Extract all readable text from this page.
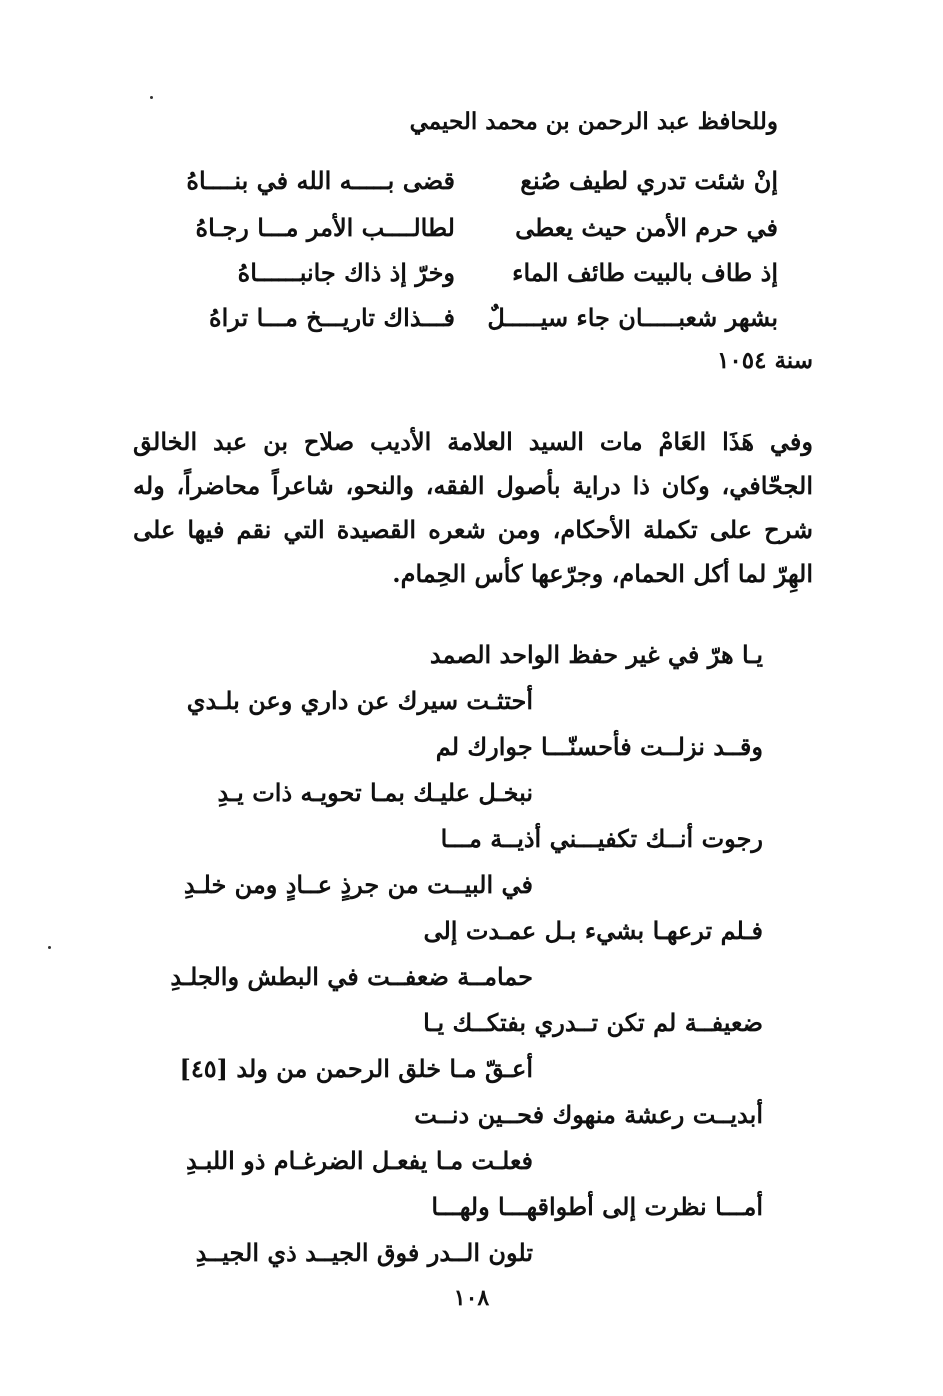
وللحافظ عبد الرحمن بن محمد الحيمي
إنْ شئت تدري لطيف صُنع
قضى بـــــه الله في بنــــاهُ
في حرم الأمن حيث يعطى
لطالــــب الأمر مـــا رجـاهُ
إذ طاف بالبيت طائف الماء
وخرّ إذ ذاك جانبــــــاهُ
بشهر شعبـــــان جاء سيـــــلٌ
فـــذاك تاريـــخ مـــا تراهُ
سنة ١٠٥٤
وفي هَذَا العَامْ مات السيد العلامة الأديب صلاح بن عبد الخالق الجحّافي، وكان ذا دراية بأصول الفقه، والنحو، شاعراً محاضراً، وله شرح على تكملة الأحكام، ومن شعره القصيدة التي نقم فيها على الهِرّ لما أكل الحمام، وجرّعها كأس الحِمام.
يـا هرّ في غير حفظ الواحد الصمد
أحتثـت سيرك عن داري وعن بلـدي
وقــد نزلــت فأحسنّـــا جوارك لم
نبخـل عليـك بمـا تحويـه ذات يـدِ
رجوت أنــك تكفيـــني أذيــة مـــا
في البيــت من جرذٍ عــادٍ ومن خلـدِ
فـلم ترعهـا بشيء بـل عمـدت إلى
حمامــة ضعفــت في البطش والجلـدِ
ضعيفــة لم تكن تــدري بفتكــك يـا
أعـقّ مـا خلق الرحمن من ولد [٤٥]
أبديــت رعشة منهوك فحــين دنــت
فعلـت مـا يفعـل الضرغـام ذو اللبـدِ
أمـــا نظرت إلى أطواقهـــا ولهـــا
تلون الــدر فوق الجيــد ذي الجيــدِ
١٠٨
